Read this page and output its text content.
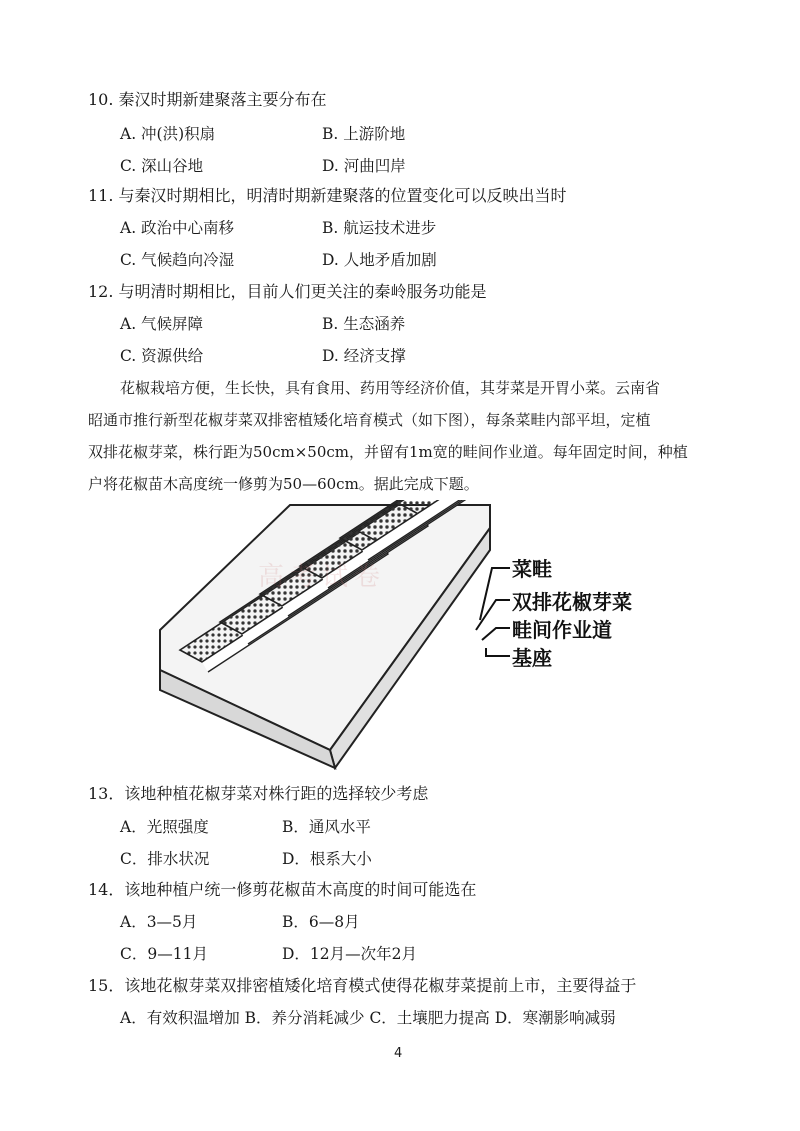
10. 秦汉时期新建聚落主要分布在
A. 冲(洪)积扇	B. 上游阶地
C. 深山谷地	D. 河曲凹岸
11. 与秦汉时期相比，明清时期新建聚落的位置变化可以反映出当时
A. 政治中心南移	B. 航运技术进步
C. 气候趋向冷湿	D. 人地矛盾加剧
12. 与明清时期相比，目前人们更关注的秦岭服务功能是
A. 气候屏障	B. 生态涵养
C. 资源供给	D. 经济支撑
花椒栽培方便，生长快，具有食用、药用等经济价值，其芽菜是开胃小菜。云南省
昭通市推行新型花椒芽菜双排密植矮化培育模式（如下图），每条菜畦内部平坦，定植
双排花椒芽菜，株行距为50cm×50cm，并留有1m宽的畦间作业道。每年固定时间，种植
户将花椒苗木高度统一修剪为50—60cm。据此完成下题。
高考试卷	菜畦
双排花椒芽菜
畦间作业道
基座
13．该地种植花椒芽菜对株行距的选择较少考虑
A．光照强度	B．通风水平
C．排水状况	D．根系大小
14．该地种植户统一修剪花椒苗木高度的时间可能选在
A．3—5月	B．6—8月
C．9—11月	D．12月—次年2月
15．该地花椒芽菜双排密植矮化培育模式使得花椒芽菜提前上市，主要得益于
A．有效积温增加 B．养分消耗减少 C．土壤肥力提高 D．寒潮影响减弱
4
